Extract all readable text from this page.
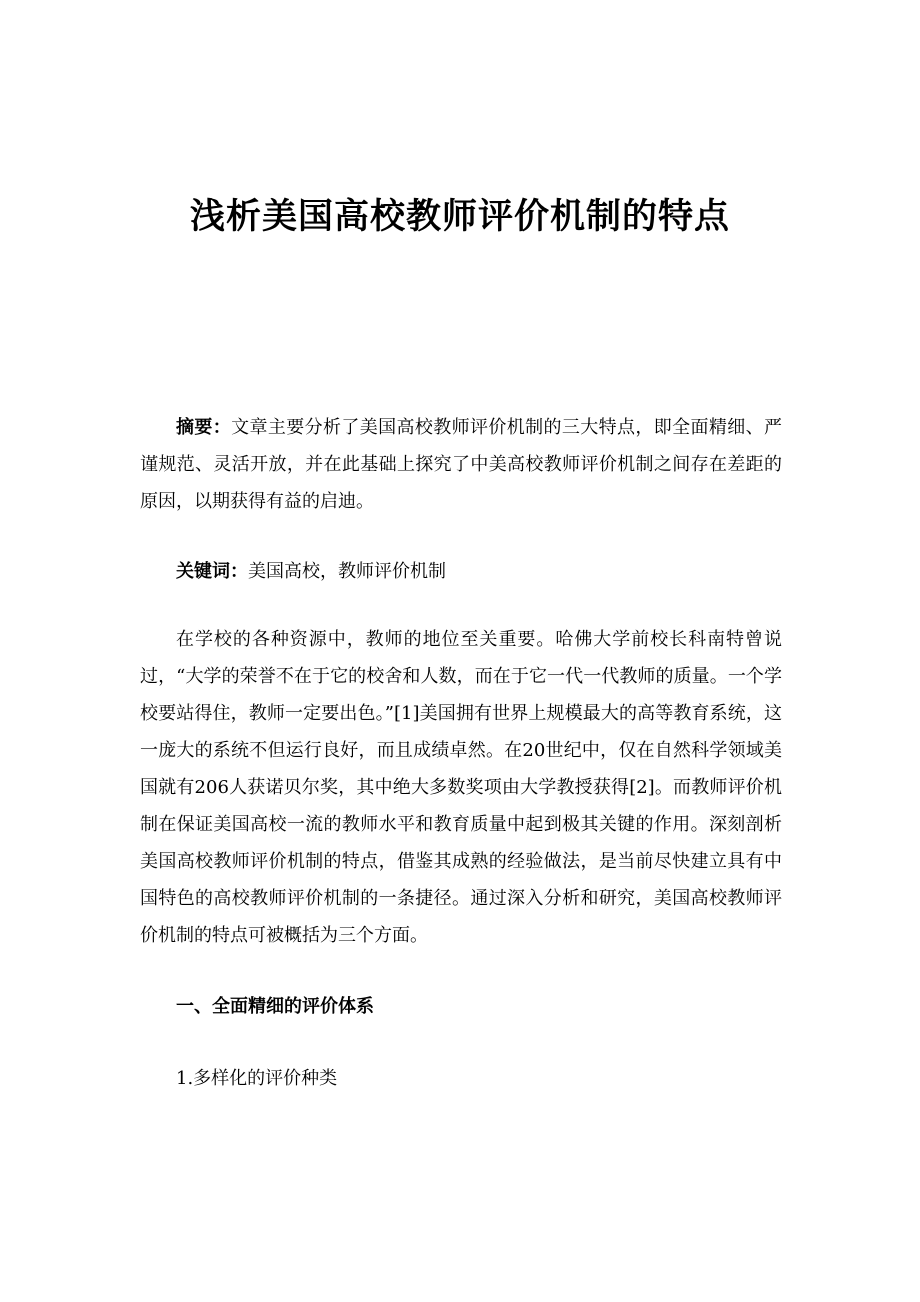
浅析美国高校教师评价机制的特点

摘要：文章主要分析了美国高校教师评价机制的三大特点，即全面精细、严谨规范、灵活开放，并在此基础上探究了中美高校教师评价机制之间存在差距的原因，以期获得有益的启迪。

关键词：美国高校，教师评价机制

在学校的各种资源中，教师的地位至关重要。哈佛大学前校长科南特曾说过，“大学的荣誉不在于它的校舍和人数，而在于它一代一代教师的质量。一个学校要站得住，教师一定要出色。”[1]美国拥有世界上规模最大的高等教育系统，这一庞大的系统不但运行良好，而且成绩卓然。在20世纪中，仅在自然科学领域美国就有206人获诺贝尔奖，其中绝大多数奖项由大学教授获得[2]。而教师评价机制在保证美国高校一流的教师水平和教育质量中起到极其关键的作用。深刻剖析美国高校教师评价机制的特点，借鉴其成熟的经验做法，是当前尽快建立具有中国特色的高校教师评价机制的一条捷径。通过深入分析和研究，美国高校教师评价机制的特点可被概括为三个方面。

一、全面精细的评价体系
1.多样化的评价种类
